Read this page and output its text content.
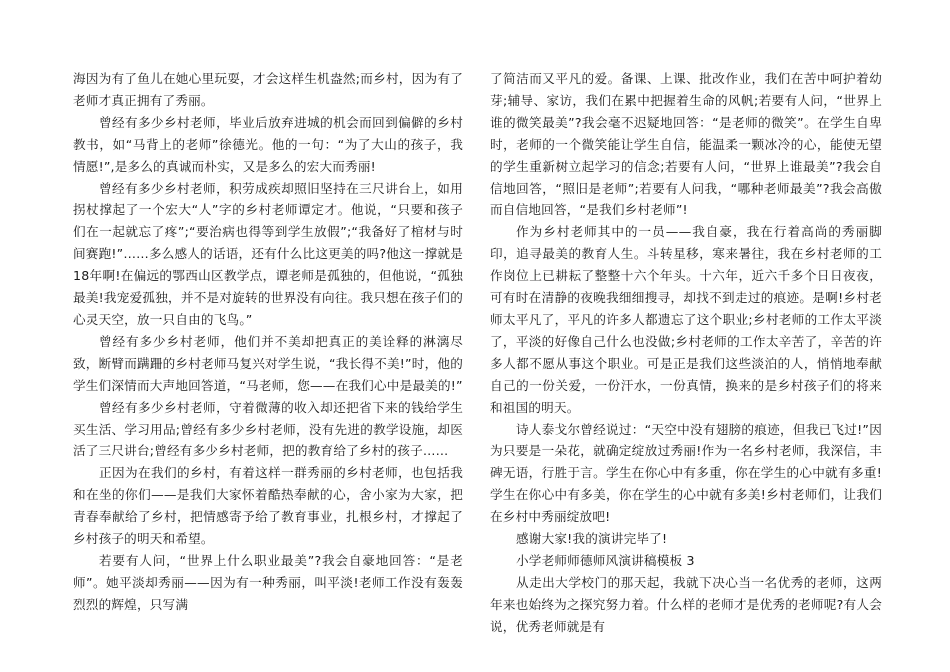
海因为有了鱼儿在她心里玩耍，才会这样生机盎然;而乡村，因为有了老师才真正拥有了秀丽。

曾经有多少乡村老师，毕业后放弃进城的机会而回到偏僻的乡村教书，如“马背上的老师”徐德光。他的一句：“为了大山的孩子，我情愿!”,是多么的真诚而朴实，又是多么的宏大而秀丽!

曾经有多少乡村老师，积劳成疾却照旧坚持在三尺讲台上，如用拐杖撑起了一个宏大“人”字的乡村老师谭定才。他说，“只要和孩子们在一起就忘了疼”;“要治病也得等到学生放假”;“我备好了棺材与时间赛跑!”……多么感人的话语，还有什么比这更美的吗?他这一撑就是18年啊!在偏远的鄂西山区教学点，谭老师是孤独的，但他说，“孤独最美!我宠爱孤独，并不是对旋转的世界没有向往。我只想在孩子们的心灵天空，放一只自由的飞鸟。”

曾经有多少乡村老师，他们并不美却把真正的美诠释的淋漓尽致，断臂而蹒跚的乡村老师马复兴对学生说，“我长得不美!”时，他的学生们深情而大声地回答道，“马老师，您——在我们心中是最美的!”

曾经有多少乡村老师，守着微薄的收入却还把省下来的钱给学生买生活、学习用品;曾经有多少乡村老师，没有先进的教学设施，却医活了三尺讲台;曾经有多少乡村老师，把的教育给了乡村的孩子……

正因为在我们的乡村，有着这样一群秀丽的乡村老师，也包括我和在坐的你们——是我们大家怀着酷热奉献的心，舍小家为大家，把青春奉献给了乡村，把情感寄予给了教育事业，扎根乡村，才撑起了乡村孩子的明天和希望。

若要有人问，“世界上什么职业最美”?我会自豪地回答：“是老师”。她平淡却秀丽——因为有一种秀丽，叫平淡!老师工作没有轰轰烈烈的辉煌，只写满

了简洁而又平凡的爱。备课、上课、批改作业，我们在苦中呵护着幼芽;辅导、家访，我们在累中把握着生命的风帆;若要有人问，“世界上谁的微笑最美”?我会毫不迟疑地回答：“是老师的微笑”。在学生自卑时，老师的一个微笑能让学生自信，能温柔一颗冰冷的心，能使无望的学生重新树立起学习的信念;若要有人问，“世界上谁最美”?我会自信地回答，“照旧是老师”;若要有人问我，“哪种老师最美”?我会高傲而自信地回答，“是我们乡村老师”!

作为乡村老师其中的一员——我自豪，我在行着高尚的秀丽脚印，追寻最美的教育人生。斗转星移，寒来暑往，我在乡村老师的工作岗位上已耕耘了整整十六个年头。十六年，近六千多个日日夜夜，可有时在清静的夜晚我细细搜寻，却找不到走过的痕迹。是啊!乡村老师太平凡了，平凡的许多人都遗忘了这个职业;乡村老师的工作太平淡了，平淡的好像自己什么也没做;乡村老师的工作太辛苦了，辛苦的许多人都不愿从事这个职业。可是正是我们这些淡泊的人，悄悄地奉献自己的一份关爱，一份汗水，一份真情，换来的是乡村孩子们的将来和祖国的明天。

诗人泰戈尔曾经说过：“天空中没有翅膀的痕迹，但我已飞过!”因为只要是一朵花，就确定绽放过秀丽!作为一名乡村老师，我深信，丰碑无语，行胜于言。学生在你心中有多重，你在学生的心中就有多重!学生在你心中有多美，你在学生的心中就有多美!乡村老师们，让我们在乡村中秀丽绽放吧!

感谢大家!我的演讲完毕了!

小学老师师德师风演讲稿模板 3

从走出大学校门的那天起，我就下决心当一名优秀的老师，这两年来也始终为之探究努力着。什么样的老师才是优秀的老师呢?有人会说，优秀老师就是有
